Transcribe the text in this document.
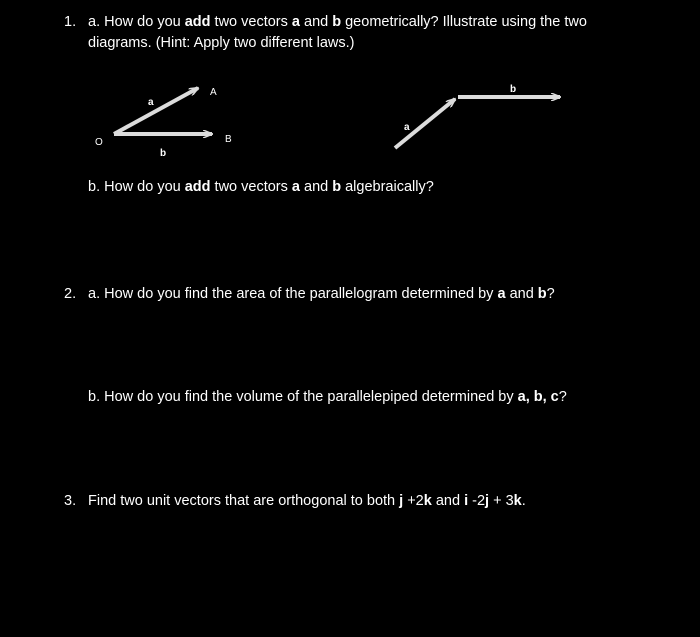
1. a. How do you add two vectors a and b geometrically? Illustrate using the two
diagrams. (Hint: Apply two different laws.)
O
a
A
b
B
a
b
b. How do you add two vectors a and b algebraically?
2. a. How do you find the area of the parallelogram determined by a and b?
b. How do you find the volume of the parallelepiped determined by a, b, c?
3. Find two unit vectors that are orthogonal to both j +2k and i -2j + 3k.
